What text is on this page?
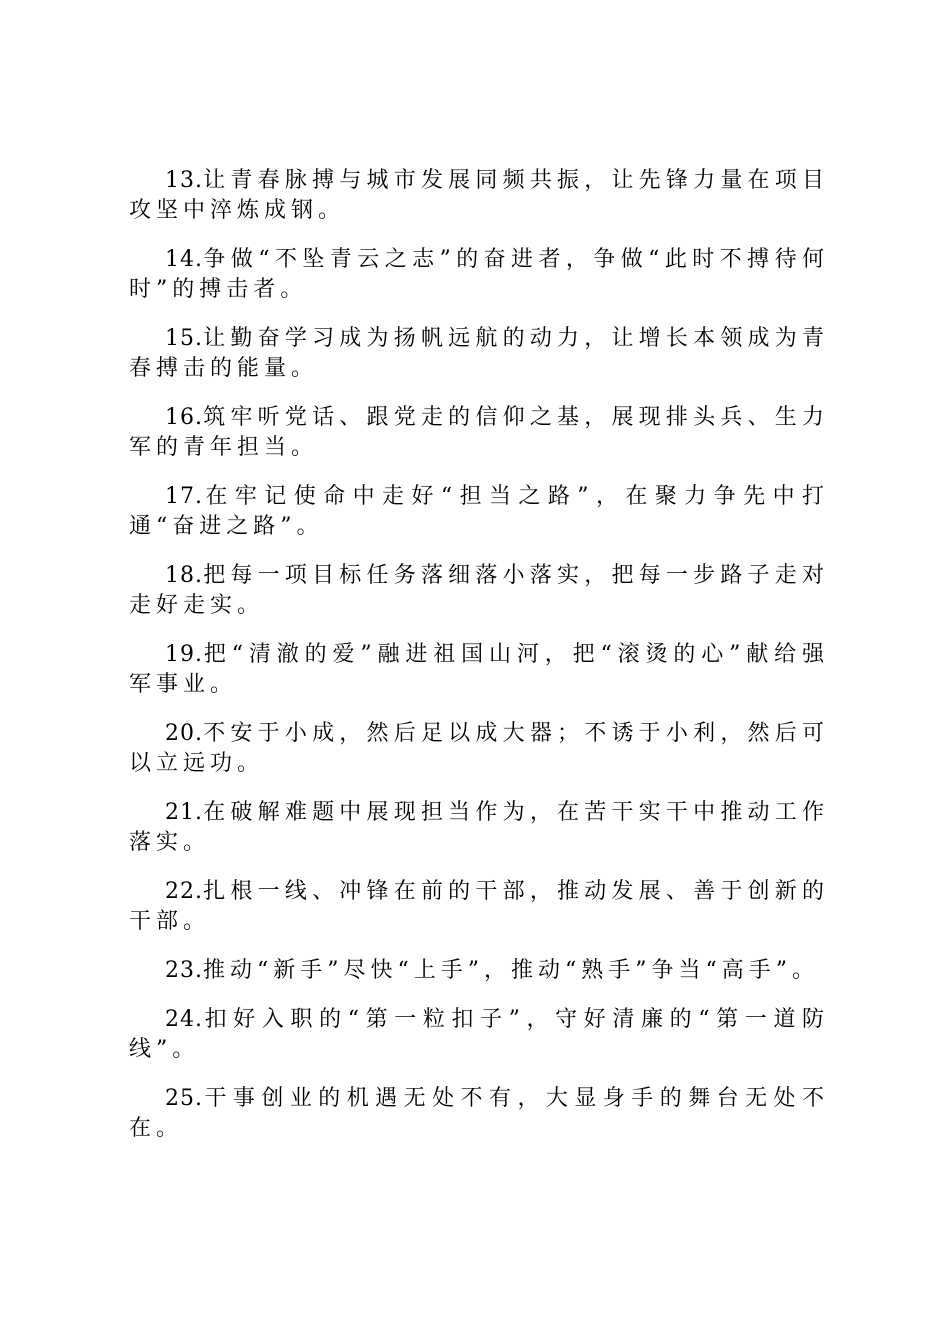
13.让青春脉搏与城市发展同频共振，让先锋力量在项目攻坚中淬炼成钢。

14.争做“不坠青云之志”的奋进者，争做“此时不搏待何时”的搏击者。

15.让勤奋学习成为扬帆远航的动力，让增长本领成为青春搏击的能量。

16.筑牢听党话、跟党走的信仰之基，展现排头兵、生力军的青年担当。

17.在牢记使命中走好“担当之路”，在聚力争先中打通“奋进之路”。

18.把每一项目标任务落细落小落实，把每一步路子走对走好走实。

19.把“清澈的爱”融进祖国山河，把“滚烫的心”献给强军事业。

20.不安于小成，然后足以成大器；不诱于小利，然后可以立远功。

21.在破解难题中展现担当作为，在苦干实干中推动工作落实。

22.扎根一线、冲锋在前的干部，推动发展、善于创新的干部。

23.推动“新手”尽快“上手”，推动“熟手”争当“高手”。

24.扣好入职的“第一粒扣子”，守好清廉的“第一道防线”。

25.干事创业的机遇无处不有，大显身手的舞台无处不在。
